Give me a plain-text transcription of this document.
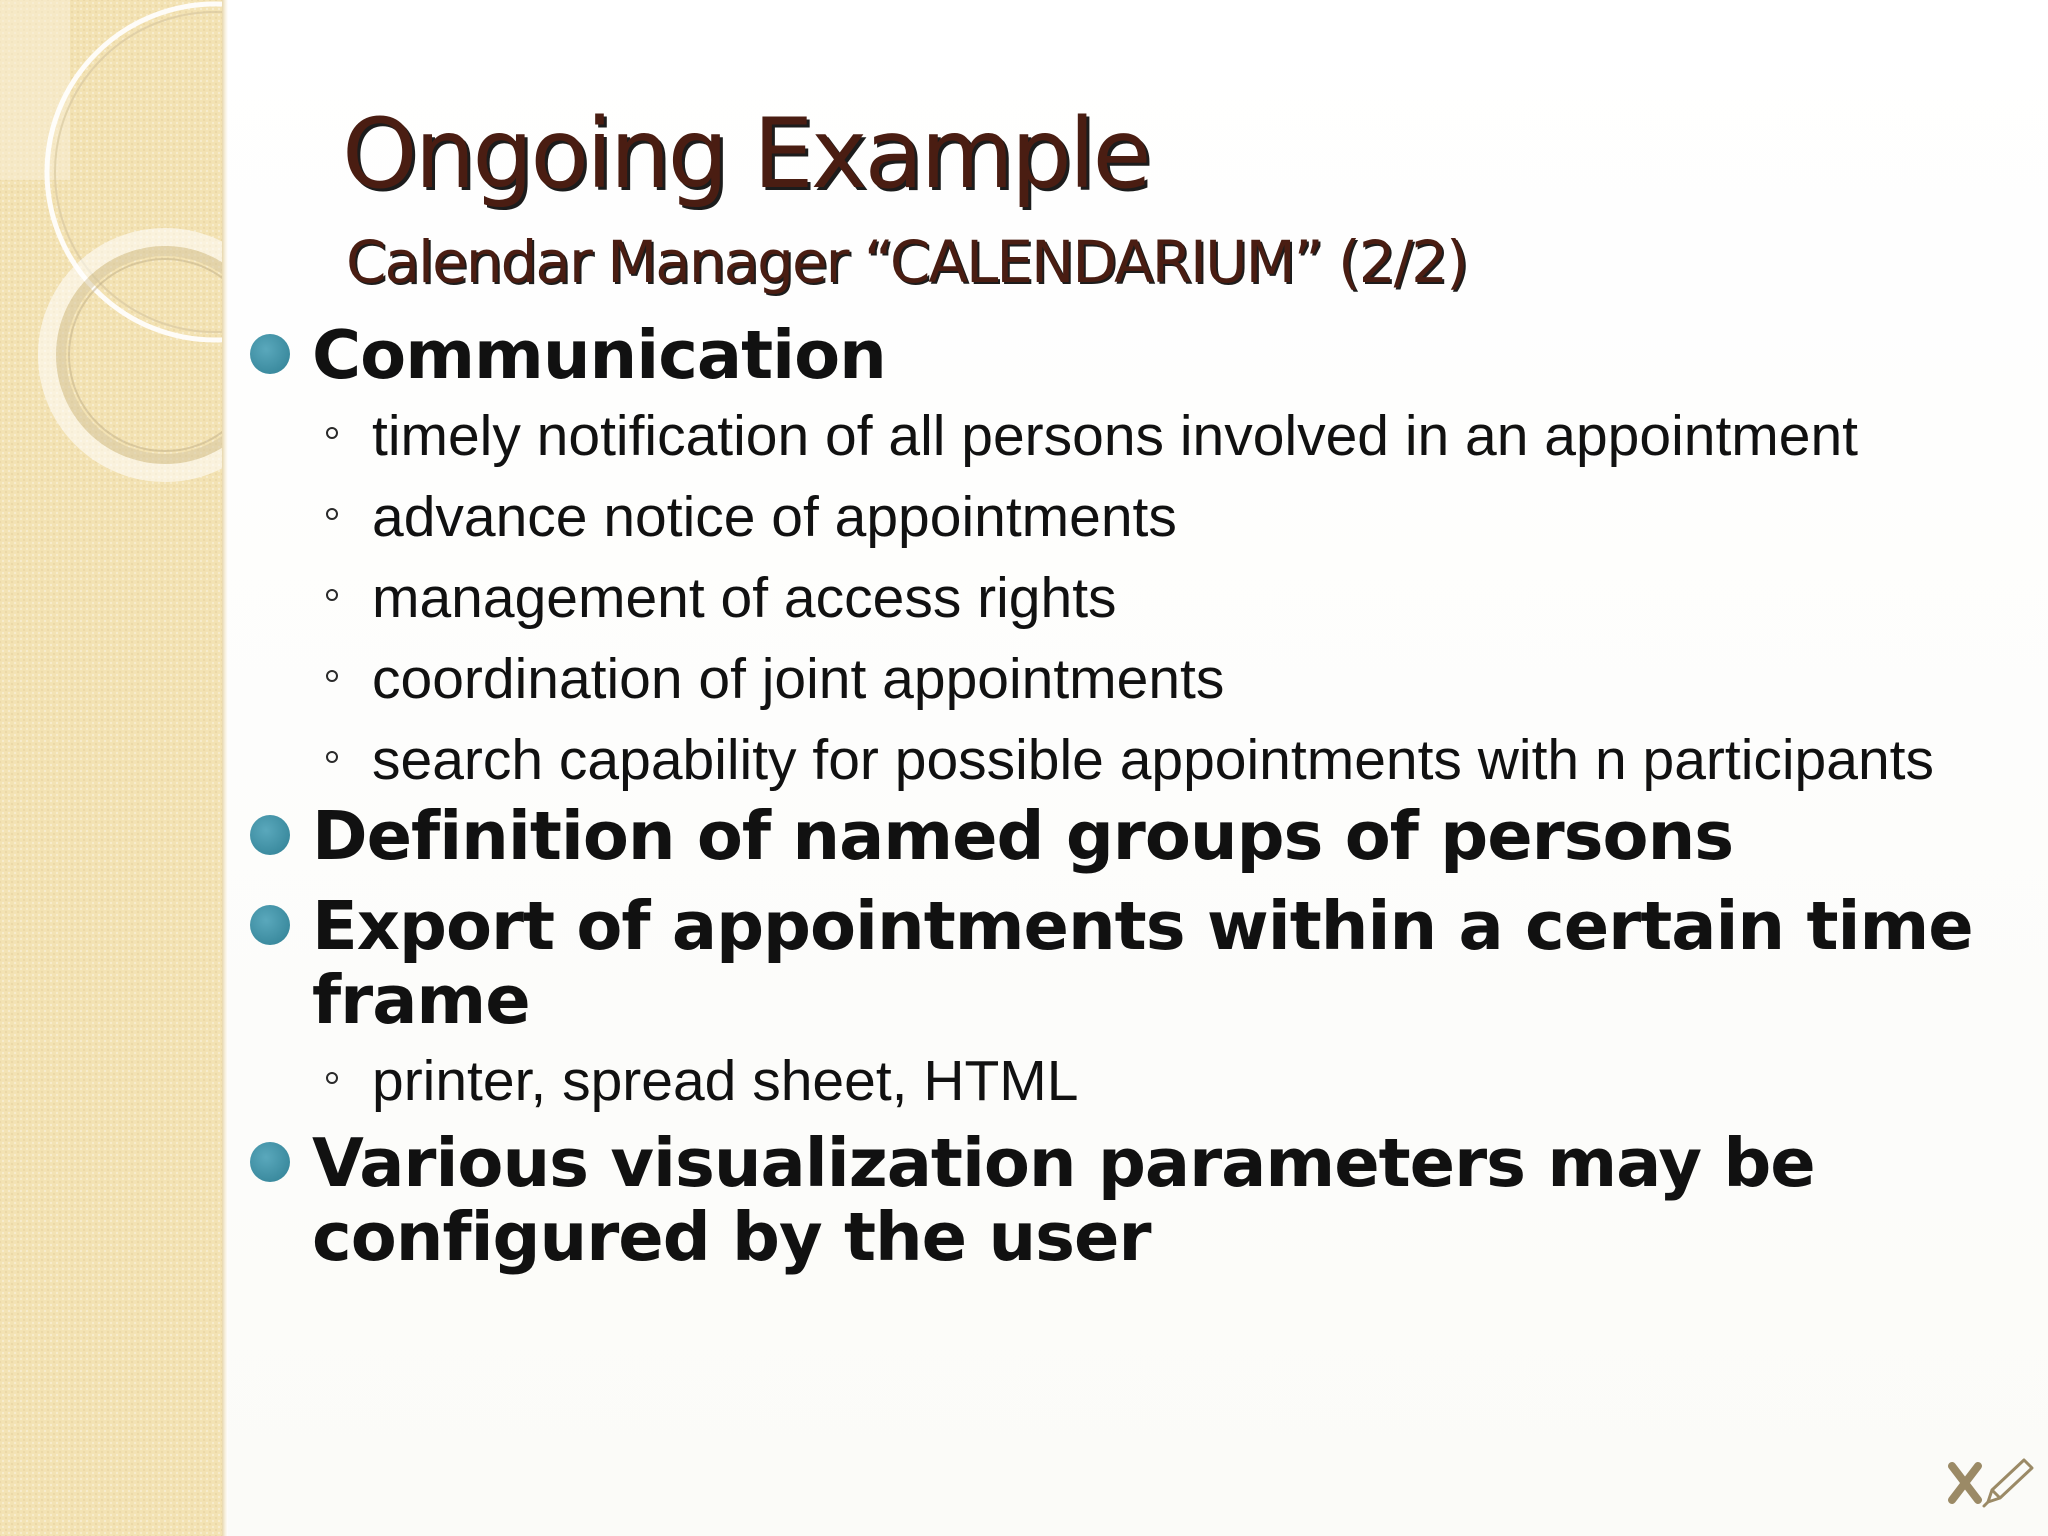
Ongoing Example
Calendar Manager “CALENDARIUM” (2/2)
Communication
timely notification of all persons involved in an appointment
advance notice of appointments
management of access rights
coordination of joint appointments
search capability for possible appointments with n participants
Definition of named groups of persons
Export of appointments within a certain time frame
printer, spread sheet, HTML
Various visualization parameters may be configured by the user
